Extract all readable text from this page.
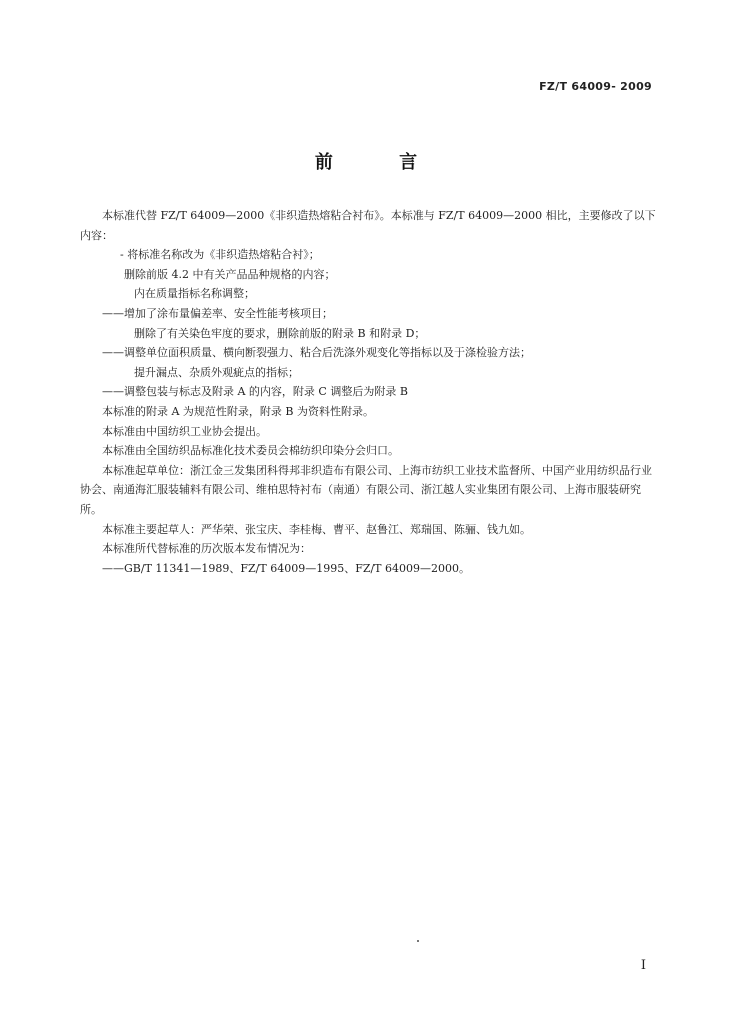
FZ/T 64009- 2009
前 言

本标准代替 FZ/T 64009—2000《非织造热熔粘合衬布》。本标准与 FZ/T 64009—2000 相比，主要修改了以下内容：

- 将标准名称改为《非织造热熔粘合衬》；

删除前版 4.2 中有关产品品种规格的内容；

内在质量指标名称调整；

——增加了涂布量偏差率、安全性能考核项目；

删除了有关染色牢度的要求，删除前版的附录 B 和附录 D；

——调整单位面积质量、横向断裂强力、粘合后洗涤外观变化等指标以及于涤检验方法；

提升漏点、杂质外观疵点的指标；

——调整包装与标志及附录 A 的内容，附录 C 调整后为附录 B

本标准的附录 A 为规范性附录，附录 B 为资料性附录。

本标准由中国纺织工业协会提出。

本标准由全国纺织品标准化技术委员会棉纺织印染分会归口。

本标准起草单位：浙江金三发集团科得邦非织造布有限公司、上海市纺织工业技术监督所、中国产业用纺织品行业协会、南通海汇服装辅料有限公司、维柏思特衬布（南通）有限公司、浙江越人实业集团有限公司、上海市服装研究所。

本标准主要起草人：严华荣、张宝庆、李桂梅、曹平、赵鲁江、郑瑞国、陈骊、钱九如。

本标准所代替标准的历次版本发布情况为：

——GB/T 11341—1989、FZ/T 64009—1995、FZ/T 64009—2000。

I
